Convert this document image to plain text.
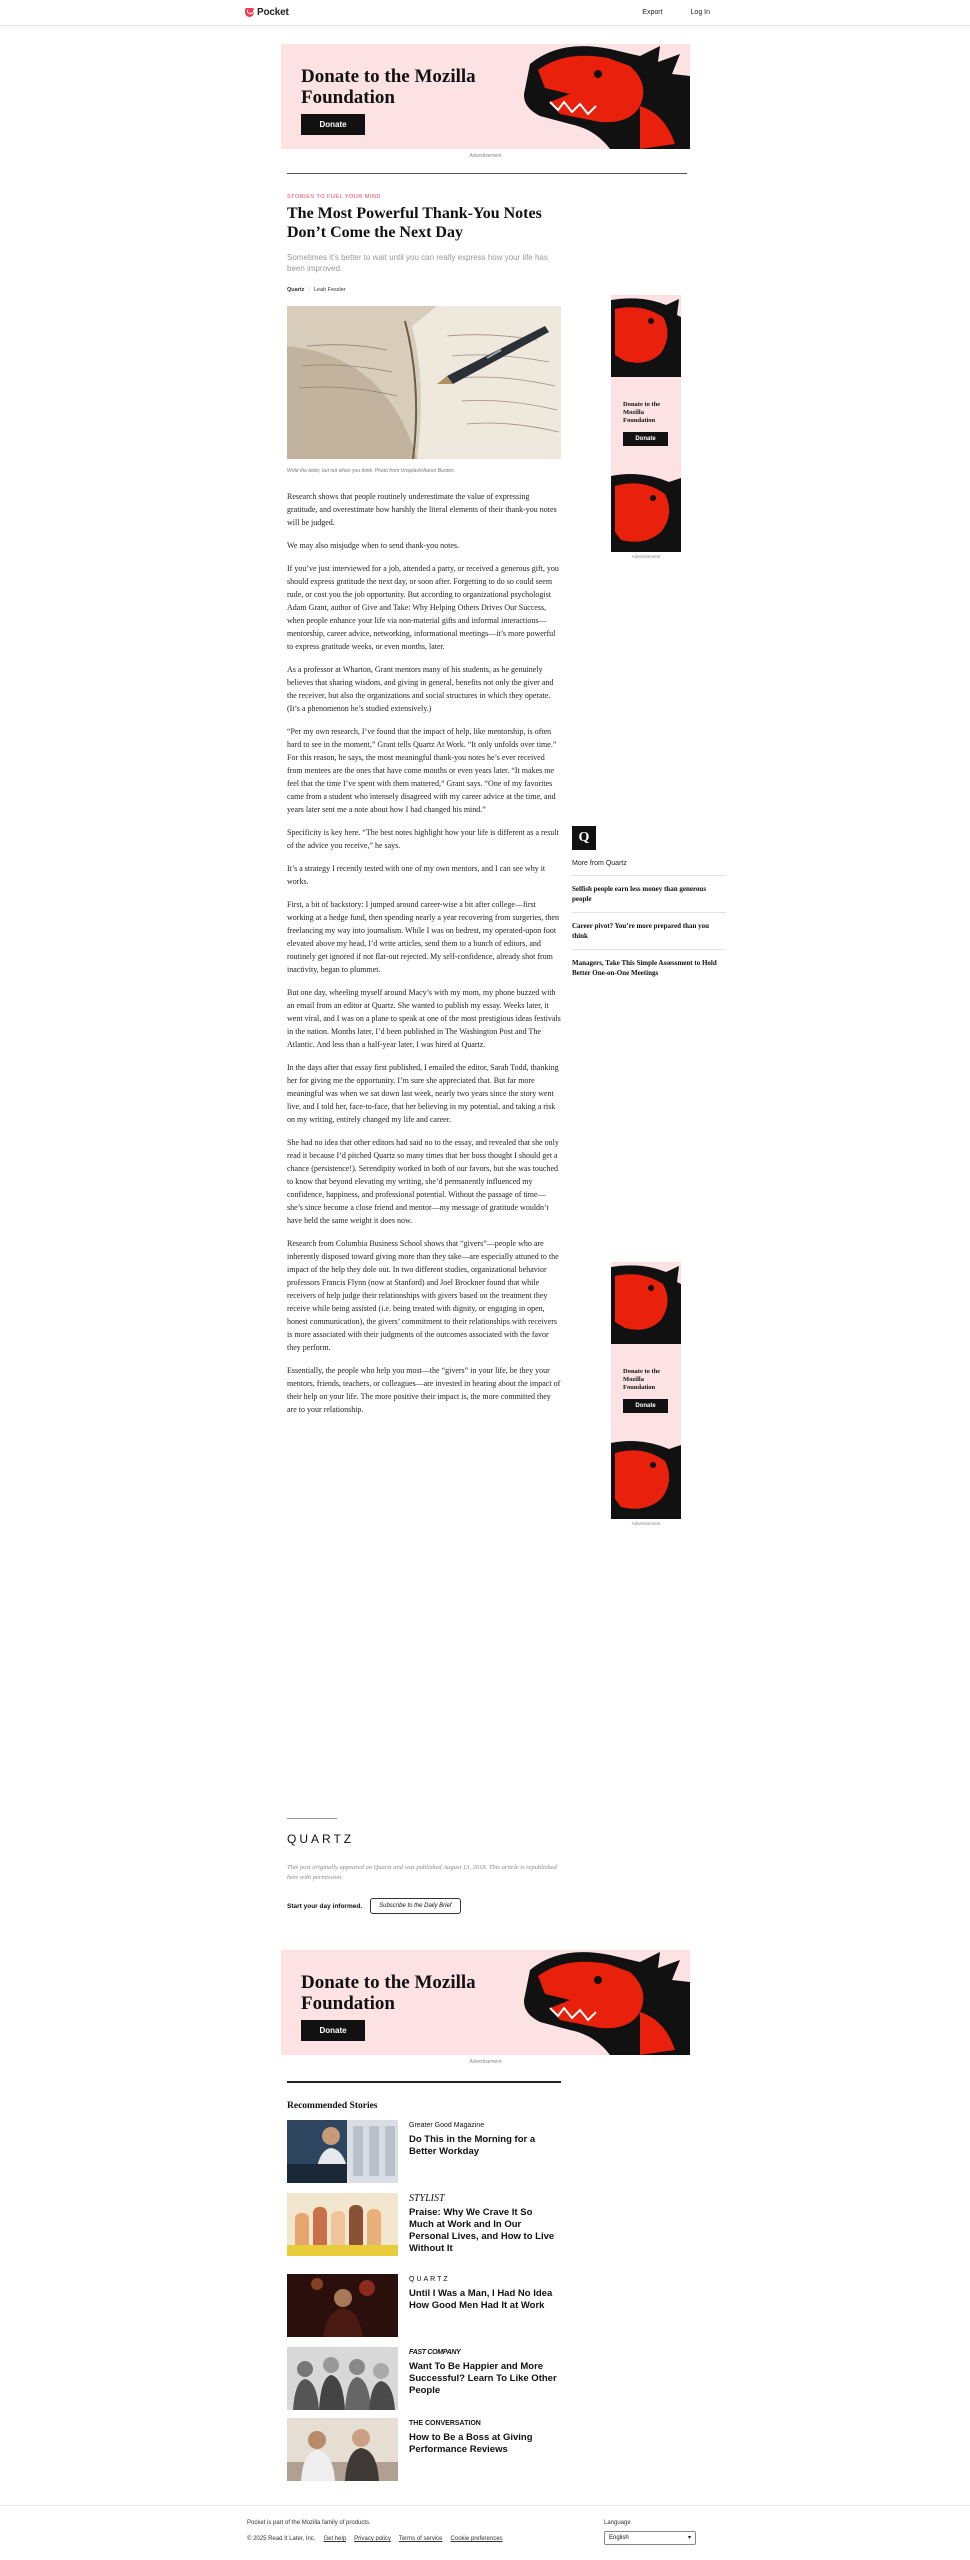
Pocket	Export	Log In
Donate to the Mozilla Foundation
Donate
Advertisement
STORIES TO FUEL YOUR MIND
The Most Powerful Thank-You Notes Don’t Come the Next Day
Sometimes it’s better to wait until you can really express how your life has been improved.
Quartz | Leah Fessler
Write the letter, but not when you think. Photo from Unsplash/Aaron Burden.

Research shows that people routinely underestimate the value of expressing gratitude, and overestimate how harshly the literal elements of their thank-you notes will be judged.

We may also misjudge when to send thank-you notes.

If you’ve just interviewed for a job, attended a party, or received a generous gift, you should express gratitude the next day, or soon after. Forgetting to do so could seem rude, or cost you the job opportunity. But according to organizational psychologist Adam Grant, author of Give and Take: Why Helping Others Drives Our Success, when people enhance your life via non-material gifts and informal interactions—mentorship, career advice, networking, informational meetings—it’s more powerful to express gratitude weeks, or even months, later.

As a professor at Wharton, Grant mentors many of his students, as he genuinely believes that sharing wisdom, and giving in general, benefits not only the giver and the receiver, but also the organizations and social structures in which they operate. (It’s a phenomenon he’s studied extensively.)

“Per my own research, I’ve found that the impact of help, like mentorship, is often hard to see in the moment,” Grant tells Quartz At Work. “It only unfolds over time.” For this reason, he says, the most meaningful thank-you notes he’s ever received from mentees are the ones that have come months or even years later. “It makes me feel that the time I’ve spent with them mattered,” Grant says. “One of my favorites came from a student who intensely disagreed with my career advice at the time, and years later sent me a note about how I had changed his mind.”

Specificity is key here. “The best notes highlight how your life is different as a result of the advice you receive,” he says.

It’s a strategy I recently tested with one of my own mentors, and I can see why it works.

First, a bit of backstory: I jumped around career-wise a bit after college—first working at a hedge fund, then spending nearly a year recovering from surgeries, then freelancing my way into journalism. While I was on bedrest, my operated-upon foot elevated above my head, I’d write articles, send them to a bunch of editors, and routinely get ignored if not flat-out rejected. My self-confidence, already shot from inactivity, began to plummet.

But one day, wheeling myself around Macy’s with my mom, my phone buzzed with an email from an editor at Quartz. She wanted to publish my essay. Weeks later, it went viral, and I was on a plane to speak at one of the most prestigious ideas festivals in the nation. Months later, I’d been published in The Washington Post and The Atlantic. And less than a half-year later, I was hired at Quartz.

In the days after that essay first published, I emailed the editor, Sarah Todd, thanking her for giving me the opportunity. I’m sure she appreciated that. But far more meaningful was when we sat down last week, nearly two years since the story went live, and I told her, face-to-face, that her believing in my potential, and taking a risk on my writing, entirely changed my life and career.

She had no idea that other editors had said no to the essay, and revealed that she only read it because I’d pitched Quartz so many times that her boss thought I should get a chance (persistence!). Serendipity worked in both of our favors, but she was touched to know that beyond elevating my writing, she’d permanently influenced my confidence, happiness, and professional potential. Without the passage of time—she’s since become a close friend and mentor—my message of gratitude wouldn’t have held the same weight it does now.

Research from Columbia Business School shows that “givers”—people who are inherently disposed toward giving more than they take—are especially attuned to the impact of the help they dole out. In two different studies, organizational behavior professors Francis Flynn (now at Stanford) and Joel Brockner found that while receivers of help judge their relationships with givers based on the treatment they receive while being assisted (i.e. being treated with dignity, or engaging in open, honest communication), the givers’ commitment to their relationships with receivers is more associated with their judgments of the outcomes associated with the favor they perform.

Essentially, the people who help you most—the “givers” in your life, be they your mentors, friends, teachers, or colleagues—are invested in hearing about the impact of their help on your life. The more positive their impact is, the more committed they are to your relationship.

Donate to the Mozilla Foundation
Donate
Advertisement
Donate to the Mozilla Foundation
Donate
Advertisement
Q
More from Quartz
Selfish people earn less money than generous people
Career pivot? You’re more prepared than you think
Managers, Take This Simple Assessment to Hold Better One-on-One Meetings
QUARTZ
This post originally appeared on Quartz and was published August 13, 2018. This article is republished here with permission.
Start your day informed.	Subscribe to the Daily Brief
Donate to the Mozilla Foundation
Donate
Advertisement
Recommended Stories
Greater Good Magazine
Do This in the Morning for a Better Workday
STYLIST
Praise: Why We Crave It So Much at Work and In Our Personal Lives, and How to Live Without It
QUARTZ
Until I Was a Man, I Had No Idea How Good Men Had It at Work
FAST COMPANY
Want To Be Happier and More Successful? Learn To Like Other People
THE CONVERSATION
How to Be a Boss at Giving Performance Reviews
Pocket is part of the Mozilla family of products.
© 2025 Read It Later, Inc. Get help Privacy policy Terms of service Cookie preferences
Language
English	▾
